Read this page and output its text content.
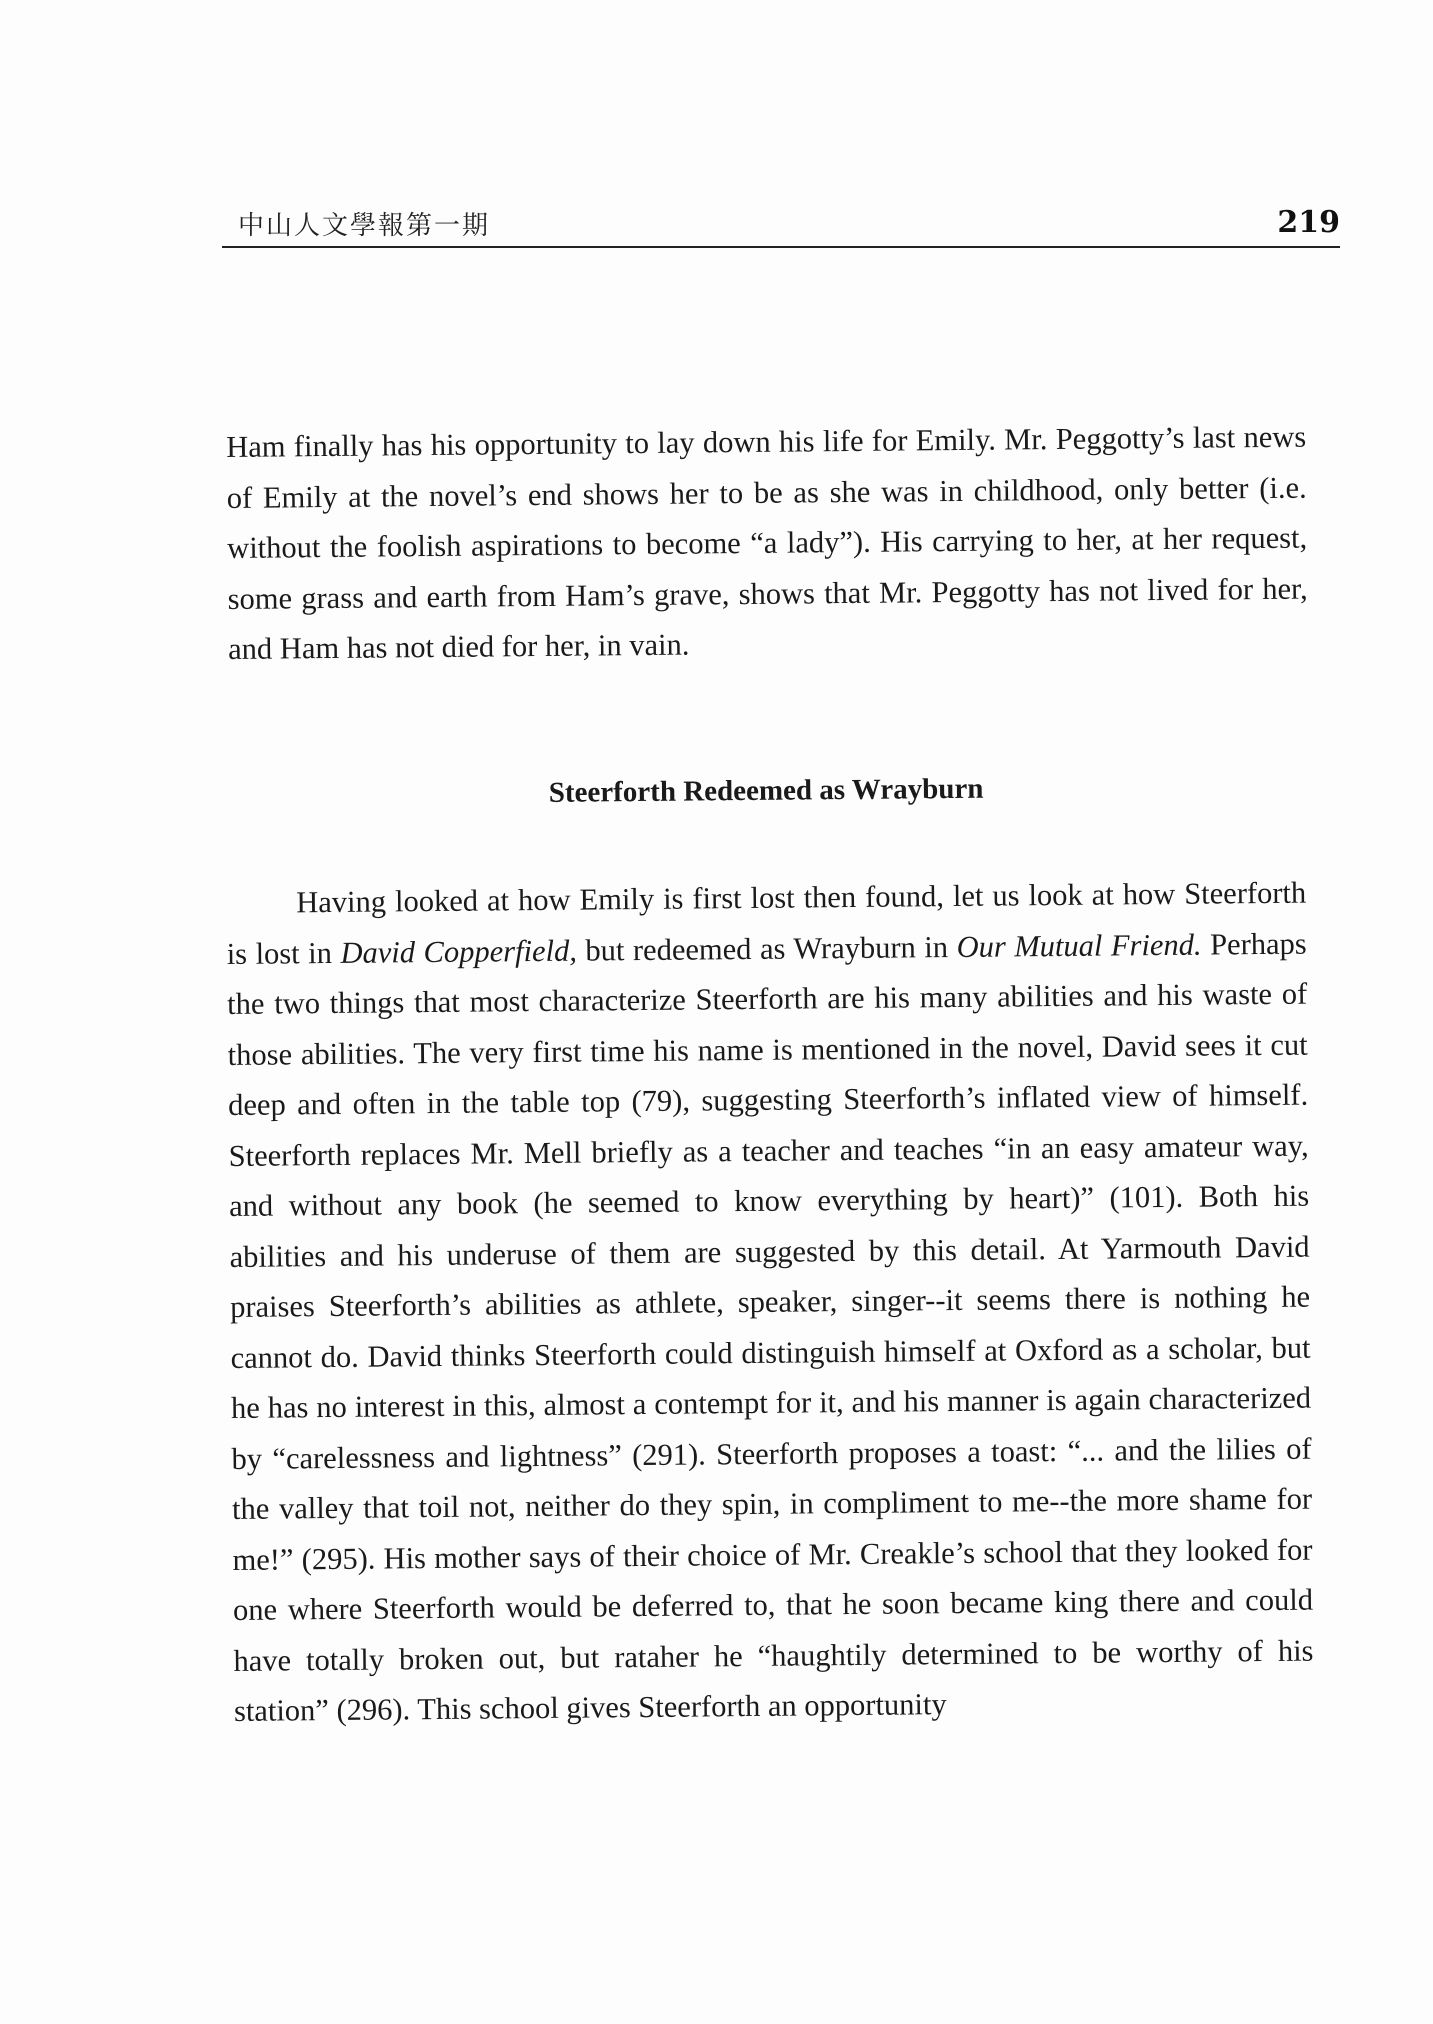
中山人文學報第一期	219

Ham finally has his opportunity to lay down his life for Emily. Mr. Peggotty’s last news of Emily at the novel’s end shows her to be as she was in childhood, only better (i.e. without the foolish aspirations to become “a lady”). His carrying to her, at her request, some grass and earth from Ham’s grave, shows that Mr. Peggotty has not lived for her, and Ham has not died for her, in vain.

Steerforth Redeemed as Wrayburn

Having looked at how Emily is first lost then found, let us look at how Steerforth is lost in David Copperfield, but redeemed as Wrayburn in Our Mutual Friend. Perhaps the two things that most characterize Steerforth are his many abilities and his waste of those abilities. The very first time his name is mentioned in the novel, David sees it cut deep and often in the table top (79), suggesting Steerforth’s inflated view of himself. Steerforth replaces Mr. Mell briefly as a teacher and teaches “in an easy amateur way, and without any book (he seemed to know everything by heart)” (101). Both his abilities and his underuse of them are suggested by this detail. At Yarmouth David praises Steerforth’s abilities as athlete, speaker, singer--it seems there is nothing he cannot do. David thinks Steerforth could distinguish himself at Oxford as a scholar, but he has no interest in this, almost a contempt for it, and his manner is again characterized by “carelessness and lightness” (291). Steerforth proposes a toast: “... and the lilies of the valley that toil not, neither do they spin, in compliment to me--the more shame for me!” (295). His mother says of their choice of Mr. Creakle’s school that they looked for one where Steerforth would be deferred to, that he soon became king there and could have totally broken out, but rataher he “haughtily determined to be worthy of his station” (296). This school gives Steerforth an opportunity
